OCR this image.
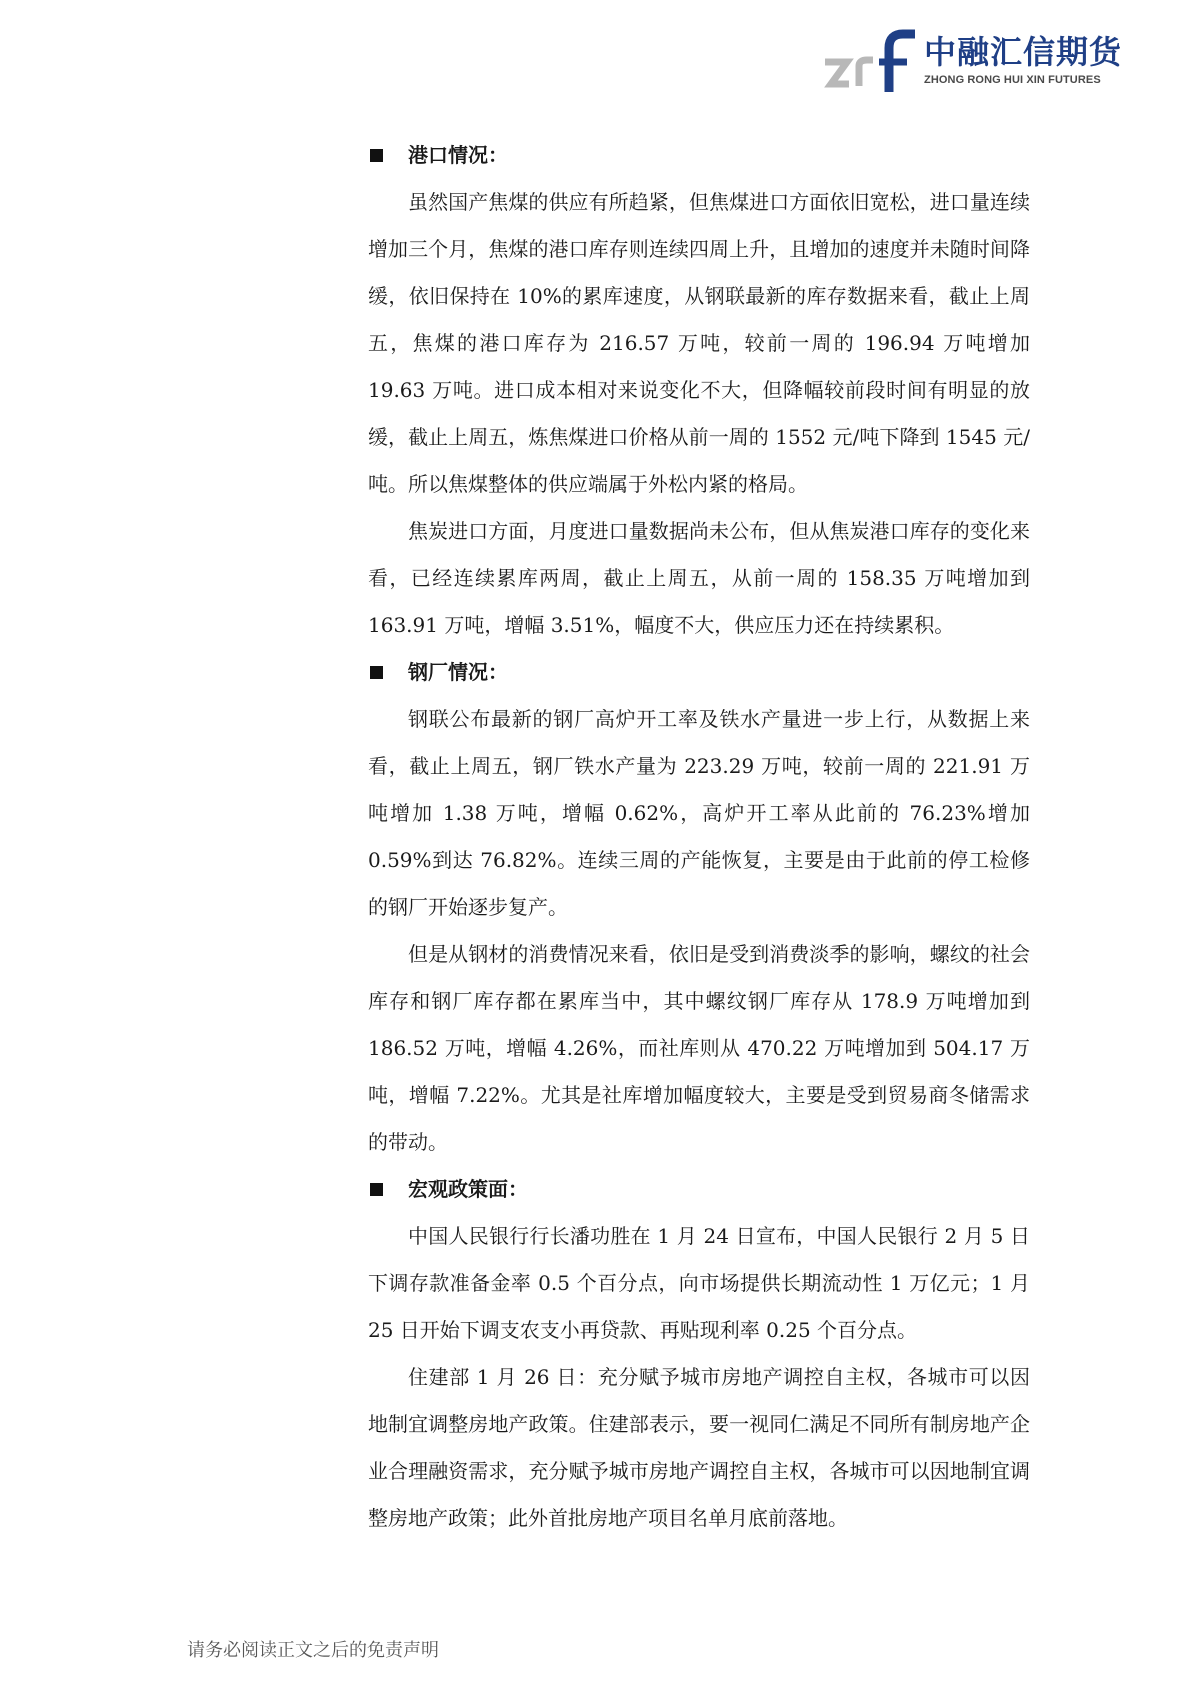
中融汇信期货
ZHONG RONG HUI XIN FUTURES
港口情况：

虽然国产焦煤的供应有所趋紧，但焦煤进口方面依旧宽松，进口量连续增加三个月，焦煤的港口库存则连续四周上升，且增加的速度并未随时间降缓，依旧保持在 10%的累库速度，从钢联最新的库存数据来看，截止上周五，焦煤的港口库存为 216.57 万吨，较前一周的 196.94 万吨增加 19.63 万吨。进口成本相对来说变化不大，但降幅较前段时间有明显的放缓，截止上周五，炼焦煤进口价格从前一周的 1552 元/吨下降到 1545 元/吨。所以焦煤整体的供应端属于外松内紧的格局。

焦炭进口方面，月度进口量数据尚未公布，但从焦炭港口库存的变化来看，已经连续累库两周，截止上周五，从前一周的 158.35 万吨增加到 163.91 万吨，增幅 3.51%，幅度不大，供应压力还在持续累积。

钢厂情况：

钢联公布最新的钢厂高炉开工率及铁水产量进一步上行，从数据上来看，截止上周五，钢厂铁水产量为 223.29 万吨，较前一周的 221.91 万吨增加 1.38 万吨，增幅 0.62%，高炉开工率从此前的 76.23%增加 0.59%到达 76.82%。连续三周的产能恢复，主要是由于此前的停工检修的钢厂开始逐步复产。

但是从钢材的消费情况来看，依旧是受到消费淡季的影响，螺纹的社会库存和钢厂库存都在累库当中，其中螺纹钢厂库存从 178.9 万吨增加到 186.52 万吨，增幅 4.26%，而社库则从 470.22 万吨增加到 504.17 万吨，增幅 7.22%。尤其是社库增加幅度较大，主要是受到贸易商冬储需求的带动。

宏观政策面：

中国人民银行行长潘功胜在 1 月 24 日宣布，中国人民银行 2 月 5 日下调存款准备金率 0.5 个百分点，向市场提供长期流动性 1 万亿元；1 月 25 日开始下调支农支小再贷款、再贴现利率 0.25 个百分点。

住建部 1 月 26 日：充分赋予城市房地产调控自主权，各城市可以因地制宜调整房地产政策。住建部表示，要一视同仁满足不同所有制房地产企业合理融资需求，充分赋予城市房地产调控自主权，各城市可以因地制宜调整房地产政策；此外首批房地产项目名单月底前落地。

请务必阅读正文之后的免责声明
